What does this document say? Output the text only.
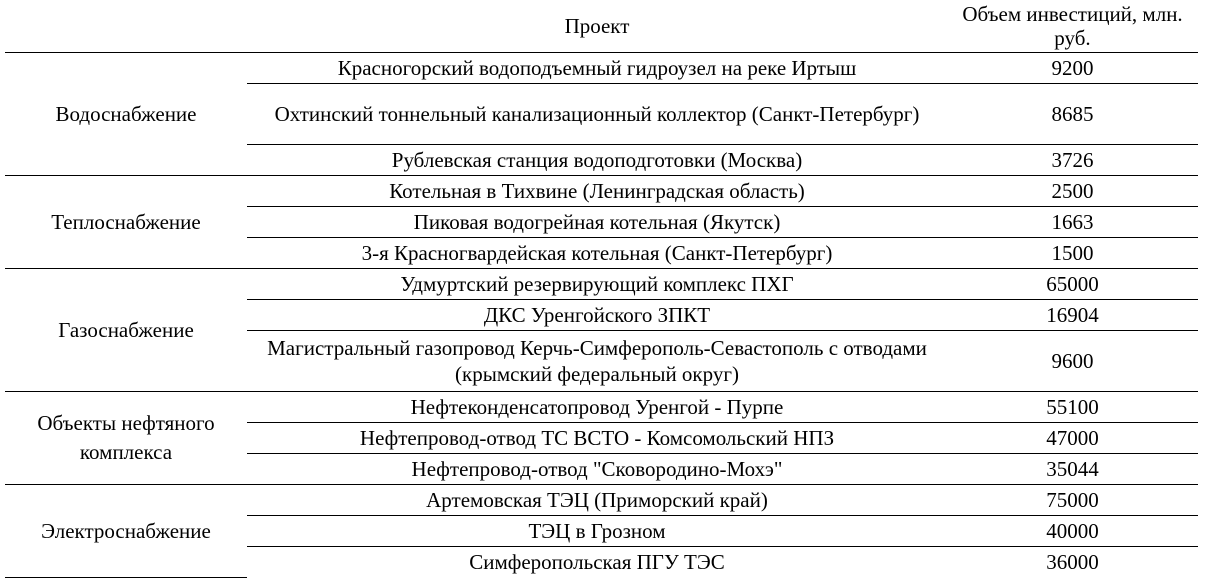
	Проект	Объем инвестиций, млн. руб.
Водоснабжение	Красногорский водоподъемный гидроузел на реке Иртыш	9200
	Охтинский тоннельный канализационный коллектор (Санкт-Петербург)	8685
	Рублевская станция водоподготовки (Москва)	3726
Теплоснабжение	Котельная в Тихвине (Ленинградская область)	2500
	Пиковая водогрейная котельная (Якутск)	1663
	3-я Красногвардейская котельная (Санкт-Петербург)	1500
Газоснабжение	Удмуртский резервирующий комплекс ПХГ	65000
	ДКС Уренгойского ЗПКТ	16904
	Магистральный газопровод Керчь-Симферополь-Севастополь с отводами (крымский федеральный округ)	9600
Объекты нефтяного комплекса	Нефтеконденсатопровод Уренгой - Пурпе	55100
	Нефтепровод-отвод ТС ВСТО - Комсомольский НПЗ	47000
	Нефтепровод-отвод "Сковородино-Мохэ"	35044
Электроснабжение	Артемовская ТЭЦ (Приморский край)	75000
	ТЭЦ в Грозном	40000
	Симферопольская ПГУ ТЭС	36000
